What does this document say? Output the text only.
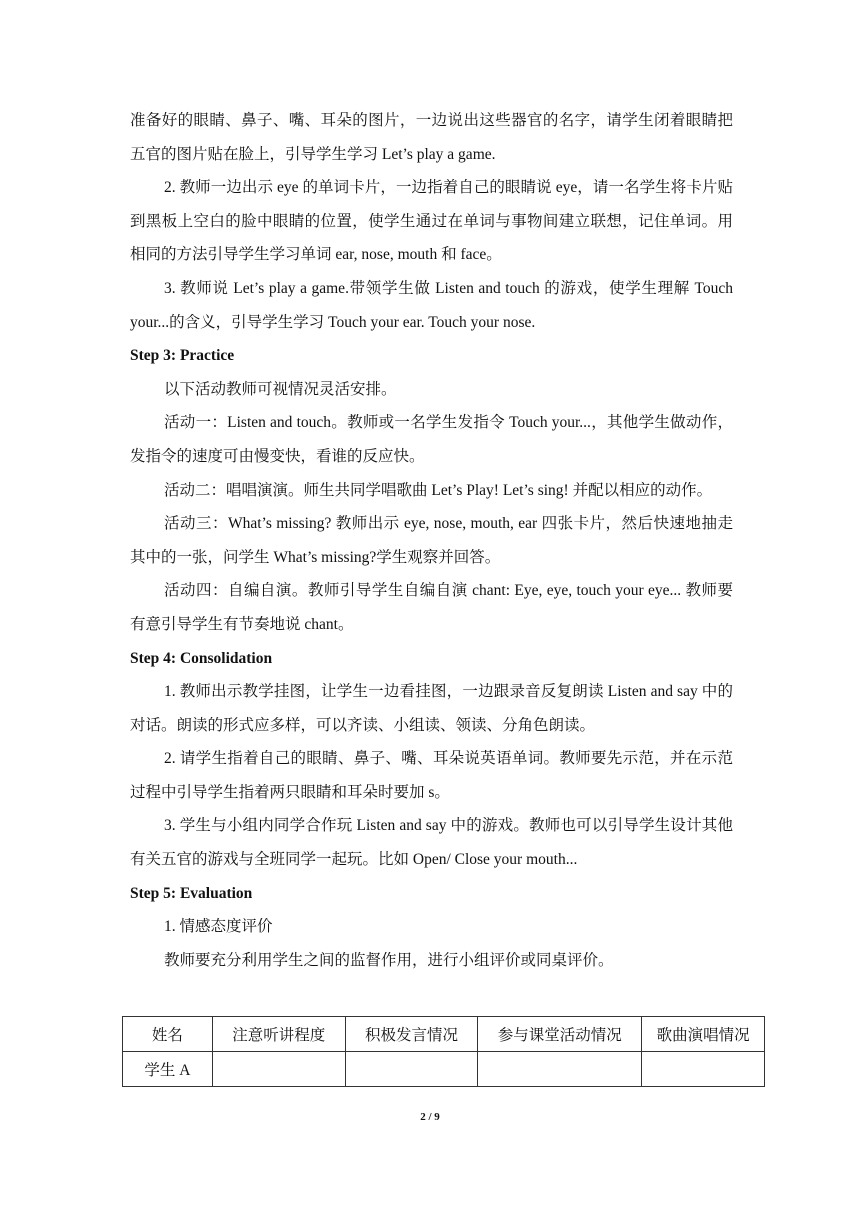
准备好的眼睛、鼻子、嘴、耳朵的图片，一边说出这些器官的名字，请学生闭着眼睛把五官的图片贴在脸上，引导学生学习 Let’s play a game.

2. 教师一边出示 eye 的单词卡片，一边指着自己的眼睛说 eye，请一名学生将卡片贴到黑板上空白的脸中眼睛的位置，使学生通过在单词与事物间建立联想，记住单词。用相同的方法引导学生学习单词 ear, nose, mouth 和 face。

3. 教师说 Let’s play a game.带领学生做 Listen and touch 的游戏，使学生理解 Touch your...的含义，引导学生学习 Touch your ear. Touch your nose.

Step 3: Practice

以下活动教师可视情况灵活安排。

活动一：Listen and touch。教师或一名学生发指令 Touch your...，其他学生做动作，发指令的速度可由慢变快，看谁的反应快。

活动二：唱唱演演。师生共同学唱歌曲 Let’s Play! Let’s sing! 并配以相应的动作。

活动三：What’s missing? 教师出示 eye, nose, mouth, ear 四张卡片，然后快速地抽走其中的一张，问学生 What’s missing?学生观察并回答。

活动四：自编自演。教师引导学生自编自演 chant: Eye, eye, touch your eye... 教师要有意引导学生有节奏地说 chant。

Step 4: Consolidation

1. 教师出示教学挂图，让学生一边看挂图，一边跟录音反复朗读 Listen and say 中的对话。朗读的形式应多样，可以齐读、小组读、领读、分角色朗读。

2. 请学生指着自己的眼睛、鼻子、嘴、耳朵说英语单词。教师要先示范，并在示范过程中引导学生指着两只眼睛和耳朵时要加 s。

3. 学生与小组内同学合作玩 Listen and say 中的游戏。教师也可以引导学生设计其他有关五官的游戏与全班同学一起玩。比如 Open/ Close your mouth...

Step 5: Evaluation

1. 情感态度评价

教师要充分利用学生之间的监督作用，进行小组评价或同桌评价。

姓名	注意听讲程度	积极发言情况	参与课堂活动情况	歌曲演唱情况
学生 A				
2 / 9
